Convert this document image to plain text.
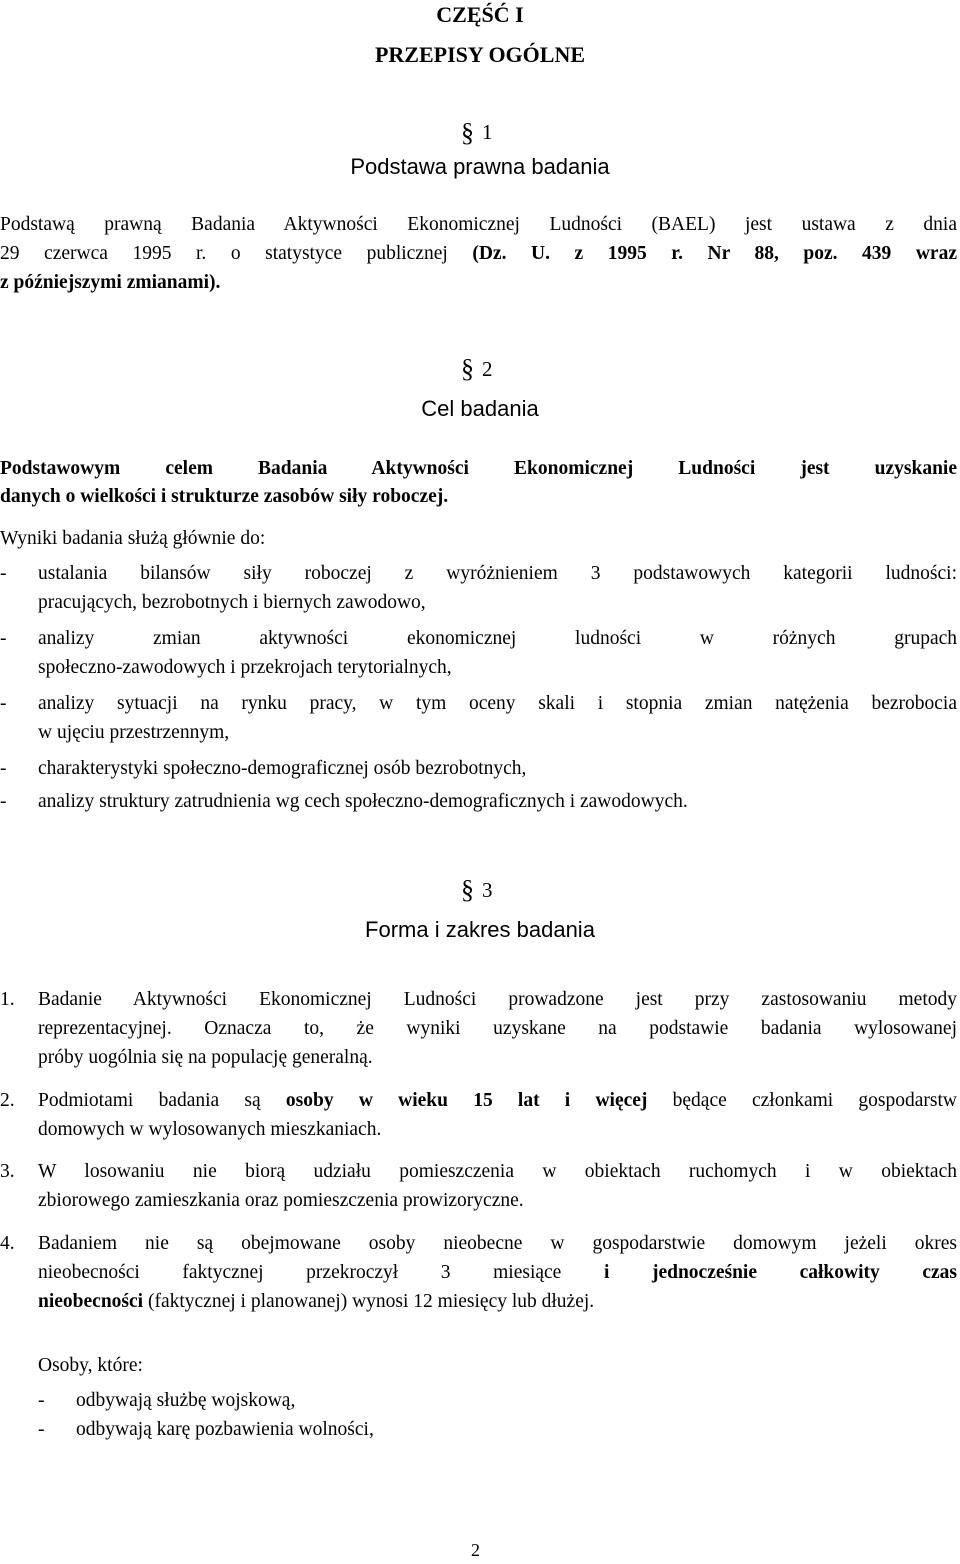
CZĘŚĆ I
PRZEPISY OGÓLNE
§ 1
Podstawa prawna badania
Podstawą prawną Badania Aktywności Ekonomicznej Ludności (BAEL) jest ustawa z dnia
29 czerwca 1995 r. o statystyce publicznej (Dz. U. z 1995 r. Nr 88, poz. 439 wraz
z późniejszymi zmianami).
§ 2
Cel badania
Podstawowym celem Badania Aktywności Ekonomicznej Ludności jest uzyskanie
danych o wielkości i strukturze zasobów siły roboczej.
Wyniki badania służą głównie do:
- ustalania bilansów siły roboczej z wyróżnieniem 3 podstawowych kategorii ludności:
pracujących, bezrobotnych i biernych zawodowo,
- analizy zmian aktywności ekonomicznej ludności w różnych grupach
społeczno-zawodowych i przekrojach terytorialnych,
- analizy sytuacji na rynku pracy, w tym oceny skali i stopnia zmian natężenia bezrobocia
w ujęciu przestrzennym,
- charakterystyki społeczno-demograficznej osób bezrobotnych,
- analizy struktury zatrudnienia wg cech społeczno-demograficznych i zawodowych.
§ 3
Forma i zakres badania
1. Badanie Aktywności Ekonomicznej Ludności prowadzone jest przy zastosowaniu metody
reprezentacyjnej. Oznacza to, że wyniki uzyskane na podstawie badania wylosowanej
próby uogólnia się na populację generalną.
2. Podmiotami badania są osoby w wieku 15 lat i więcej będące członkami gospodarstw
domowych w wylosowanych mieszkaniach.
3. W losowaniu nie biorą udziału pomieszczenia w obiektach ruchomych i w obiektach
zbiorowego zamieszkania oraz pomieszczenia prowizoryczne.
4. Badaniem nie są obejmowane osoby nieobecne w gospodarstwie domowym jeżeli okres
nieobecności faktycznej przekroczył 3 miesiące i jednocześnie całkowity czas
nieobecności (faktycznej i planowanej) wynosi 12 miesięcy lub dłużej.
Osoby, które:
- odbywają służbę wojskową,
- odbywają karę pozbawienia wolności,
2
